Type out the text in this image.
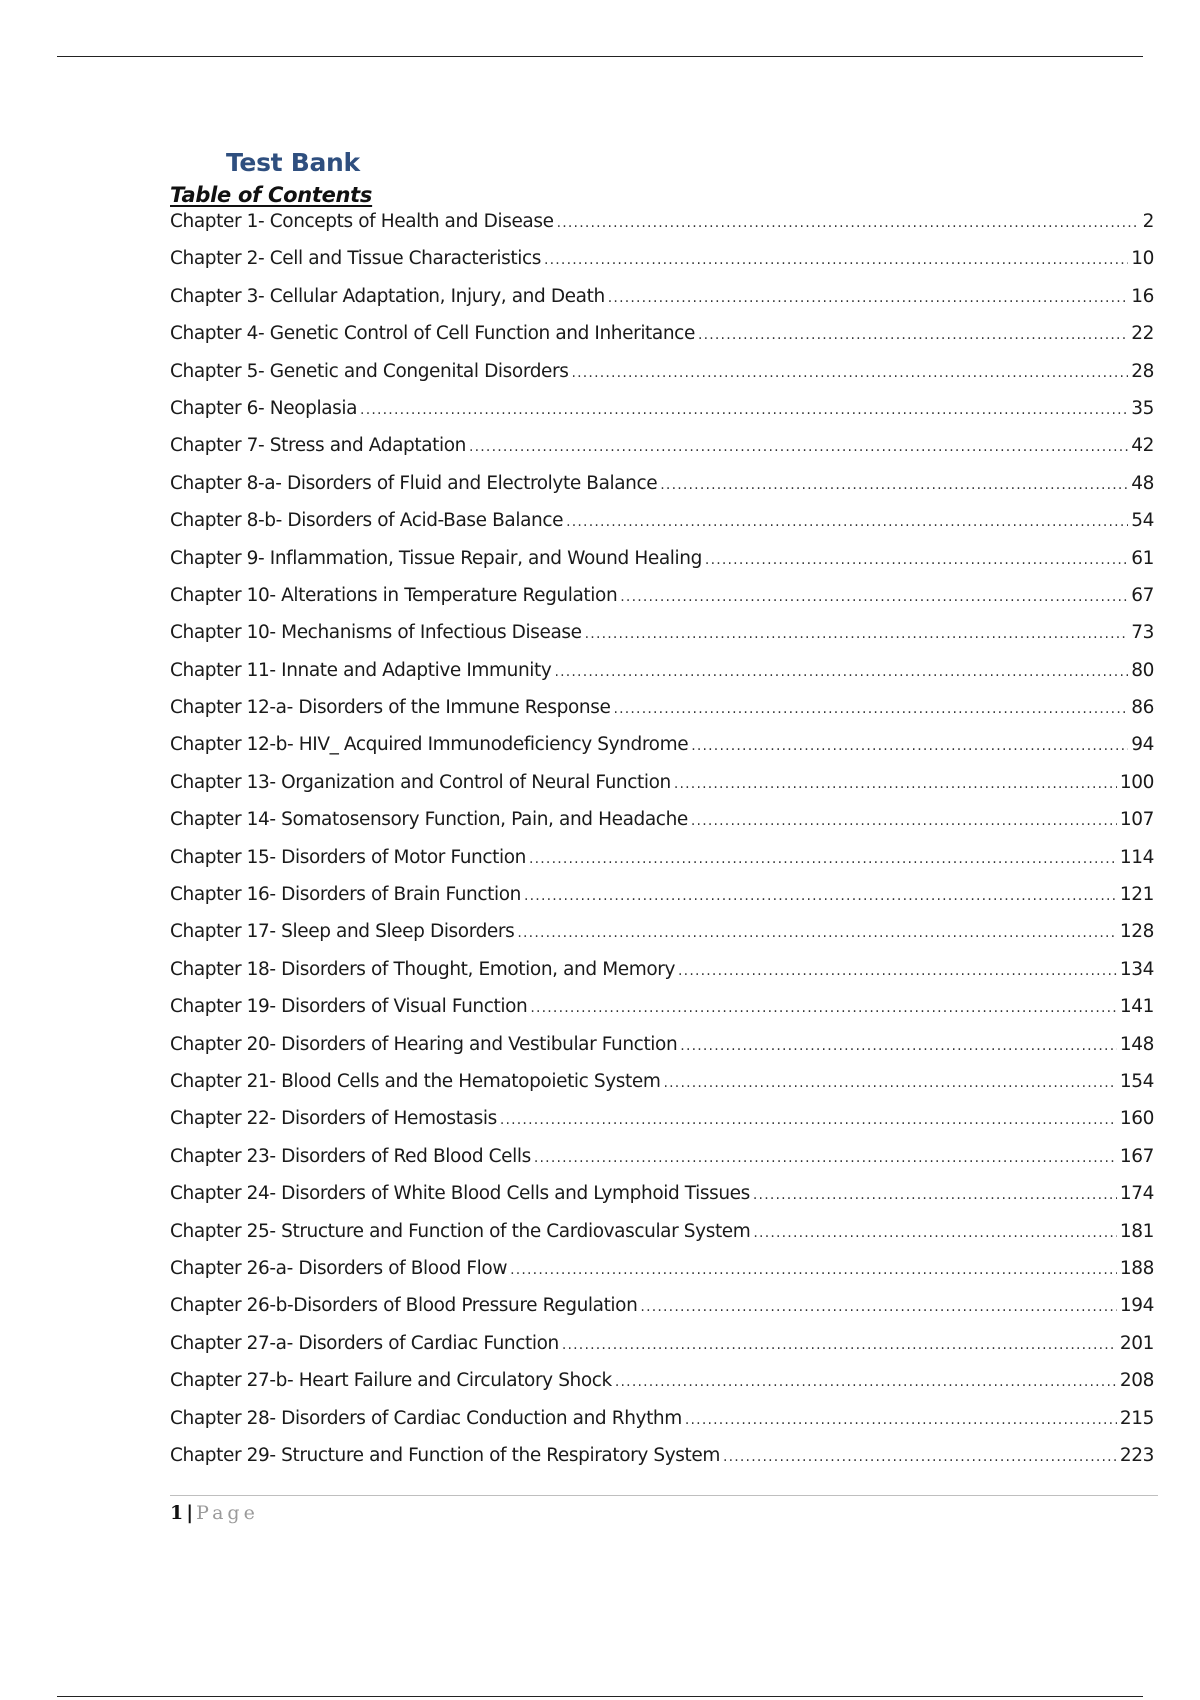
Test Bank
Table of Contents
Chapter 1- Concepts of Health and Disease .....	2
Chapter 2- Cell and Tissue Characteristics .....	10
Chapter 3- Cellular Adaptation, Injury, and Death .....	16
Chapter 4- Genetic Control of Cell Function and Inheritance .....	22
Chapter 5- Genetic and Congenital Disorders .....	28
Chapter 6- Neoplasia .....	35
Chapter 7- Stress and Adaptation .....	42
Chapter 8-a- Disorders of Fluid and Electrolyte Balance .....	48
Chapter 8-b- Disorders of Acid-Base Balance .....	54
Chapter 9- Inflammation, Tissue Repair, and Wound Healing .....	61
Chapter 10- Alterations in Temperature Regulation .....	67
Chapter 10- Mechanisms of Infectious Disease .....	73
Chapter 11- Innate and Adaptive Immunity .....	80
Chapter 12-a- Disorders of the Immune Response .....	86
Chapter 12-b- HIV_ Acquired Immunodeficiency Syndrome .....	94
Chapter 13- Organization and Control of Neural Function .....	100
Chapter 14- Somatosensory Function, Pain, and Headache .....	107
Chapter 15- Disorders of Motor Function .....	114
Chapter 16- Disorders of Brain Function .....	121
Chapter 17- Sleep and Sleep Disorders .....	128
Chapter 18- Disorders of Thought, Emotion, and Memory .....	134
Chapter 19- Disorders of Visual Function .....	141
Chapter 20- Disorders of Hearing and Vestibular Function .....	148
Chapter 21- Blood Cells and the Hematopoietic System .....	154
Chapter 22- Disorders of Hemostasis .....	160
Chapter 23- Disorders of Red Blood Cells .....	167
Chapter 24- Disorders of White Blood Cells and Lymphoid Tissues .....	174
Chapter 25- Structure and Function of the Cardiovascular System .....	181
Chapter 26-a- Disorders of Blood Flow .....	188
Chapter 26-b-Disorders of Blood Pressure Regulation .....	194
Chapter 27-a- Disorders of Cardiac Function .....	201
Chapter 27-b- Heart Failure and Circulatory Shock .....	208
Chapter 28- Disorders of Cardiac Conduction and Rhythm .....	215
Chapter 29- Structure and Function of the Respiratory System .....	223
1 | Page
